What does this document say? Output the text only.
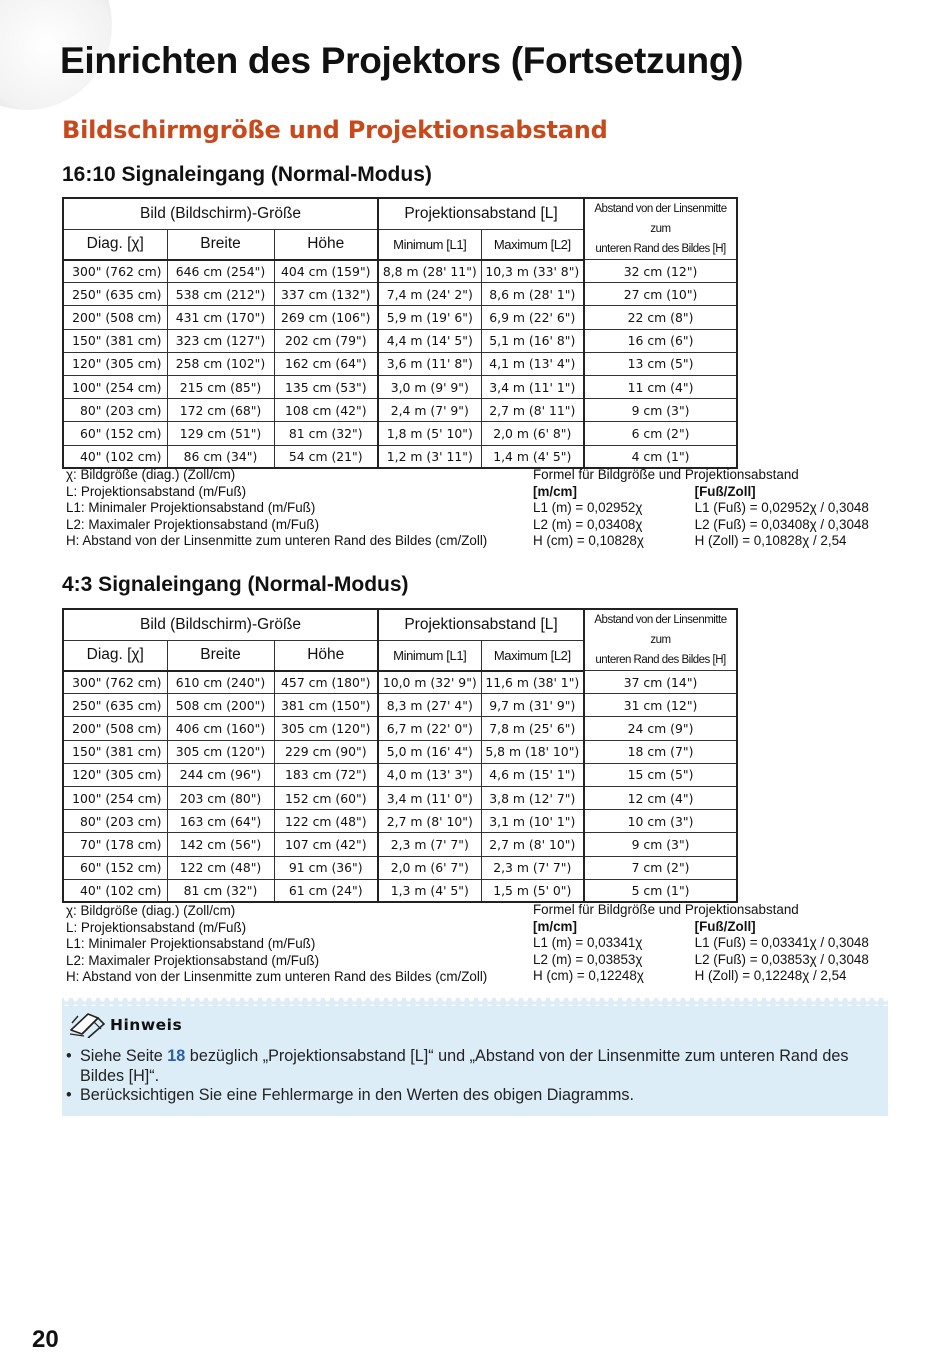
Einrichten des Projektors (Fortsetzung)
Bildschirmgröße und Projektionsabstand
16:10 Signaleingang (Normal-Modus)
Bild (Bildschirm)-Größe			Projektionsabstand [L]		Abstand von der Linsenmitte zum
unteren Rand des Bildes [H]
Diag. [χ]	Breite	Höhe	Minimum [L1]	Maximum [L2]	
300" (762 cm)	646 cm (254")	404 cm (159")	8,8 m (28' 11")	10,3 m (33' 8")	32 cm (12")
250" (635 cm)	538 cm (212")	337 cm (132")	7,4 m (24' 2")	8,6 m (28' 1")	27 cm (10")
200" (508 cm)	431 cm (170")	269 cm (106")	5,9 m (19' 6")	6,9 m (22' 6")	22 cm (8")
150" (381 cm)	323 cm (127")	202 cm (79")	4,4 m (14' 5")	5,1 m (16' 8")	16 cm (6")
120" (305 cm)	258 cm (102")	162 cm (64")	3,6 m (11' 8")	4,1 m (13' 4")	13 cm (5")
100" (254 cm)	215 cm (85")	135 cm (53")	3,0 m (9' 9")	3,4 m (11' 1")	11 cm (4")
80" (203 cm)	172 cm (68")	108 cm (42")	2,4 m (7' 9")	2,7 m (8' 11")	9 cm (3")
60" (152 cm)	129 cm (51")	81 cm (32")	1,8 m (5' 10")	2,0 m (6' 8")	6 cm (2")
40" (102 cm)	86 cm (34")	54 cm (21")	1,2 m (3' 11")	1,4 m (4' 5")	4 cm (1")
χ: Bildgröße (diag.) (Zoll/cm)
L: Projektionsabstand (m/Fuß)
L1: Minimaler Projektionsabstand (m/Fuß)
L2: Maximaler Projektionsabstand (m/Fuß)
H: Abstand von der Linsenmitte zum unteren Rand des Bildes (cm/Zoll)
Formel für Bildgröße und Projektionsabstand
[m/cm]
L1 (m) = 0,02952χ
L2 (m) = 0,03408χ
H (cm) = 0,10828χ
[Fuß/Zoll]
L1 (Fuß) = 0,02952χ / 0,3048
L2 (Fuß) = 0,03408χ / 0,3048
H (Zoll) = 0,10828χ / 2,54
4:3 Signaleingang (Normal-Modus)
Bild (Bildschirm)-Größe			Projektionsabstand [L]		Abstand von der Linsenmitte zum
unteren Rand des Bildes [H]
Diag. [χ]	Breite	Höhe	Minimum [L1]	Maximum [L2]	
300" (762 cm)	610 cm (240")	457 cm (180")	10,0 m (32' 9")	11,6 m (38' 1")	37 cm (14")
250" (635 cm)	508 cm (200")	381 cm (150")	8,3 m (27' 4")	9,7 m (31' 9")	31 cm (12")
200" (508 cm)	406 cm (160")	305 cm (120")	6,7 m (22' 0")	7,8 m (25' 6")	24 cm (9")
150" (381 cm)	305 cm (120")	229 cm (90")	5,0 m (16' 4")	5,8 m (18' 10")	18 cm (7")
120" (305 cm)	244 cm (96")	183 cm (72")	4,0 m (13' 3")	4,6 m (15' 1")	15 cm (5")
100" (254 cm)	203 cm (80")	152 cm (60")	3,4 m (11' 0")	3,8 m (12' 7")	12 cm (4")
80" (203 cm)	163 cm (64")	122 cm (48")	2,7 m (8' 10")	3,1 m (10' 1")	10 cm (3")
70" (178 cm)	142 cm (56")	107 cm (42")	2,3 m (7' 7")	2,7 m (8' 10")	9 cm (3")
60" (152 cm)	122 cm (48")	91 cm (36")	2,0 m (6' 7")	2,3 m (7' 7")	7 cm (2")
40" (102 cm)	81 cm (32")	61 cm (24")	1,3 m (4' 5")	1,5 m (5' 0")	5 cm (1")
χ: Bildgröße (diag.) (Zoll/cm)
L: Projektionsabstand (m/Fuß)
L1: Minimaler Projektionsabstand (m/Fuß)
L2: Maximaler Projektionsabstand (m/Fuß)
H: Abstand von der Linsenmitte zum unteren Rand des Bildes (cm/Zoll)
Formel für Bildgröße und Projektionsabstand
[m/cm]
L1 (m) = 0,03341χ
L2 (m) = 0,03853χ
H (cm) = 0,12248χ
[Fuß/Zoll]
L1 (Fuß) = 0,03341χ / 0,3048
L2 (Fuß) = 0,03853χ / 0,3048
H (Zoll) = 0,12248χ / 2,54
Hinweis
• Siehe Seite 18 bezüglich „Projektionsabstand [L]“ und „Abstand von der Linsenmitte zum unteren Rand des Bildes [H]“.
• Berücksichtigen Sie eine Fehlermarge in den Werten des obigen Diagramms.
20
